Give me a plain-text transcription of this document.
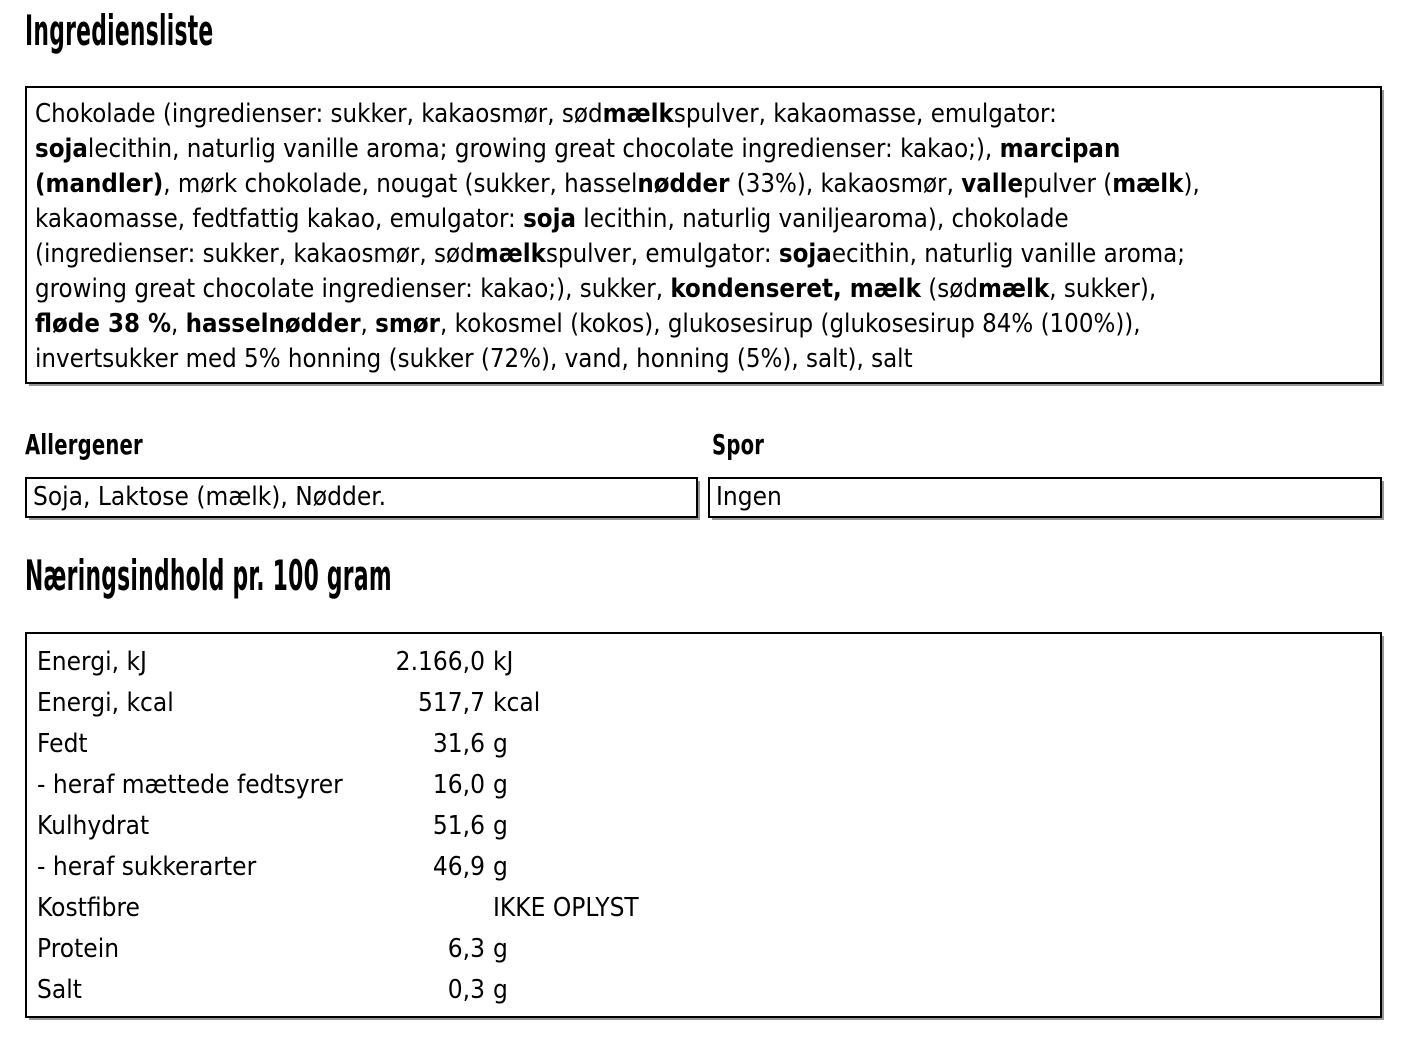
Ingrediensliste
Chokolade (ingredienser: sukker, kakaosmør, sødmælkspulver, kakaomasse, emulgator:
sojalecithin, naturlig vanille aroma; growing great chocolate ingredienser: kakao;), marcipan
(mandler), mørk chokolade, nougat (sukker, hasselnødder (33%), kakaosmør, vallepulver (mælk),
kakaomasse, fedtfattig kakao, emulgator: soja lecithin, naturlig vaniljearoma), chokolade
(ingredienser: sukker, kakaosmør, sødmælkspulver, emulgator: sojaecithin, naturlig vanille aroma;
growing great chocolate ingredienser: kakao;), sukker, kondenseret, mælk (sødmælk, sukker),
fløde 38 %, hasselnødder, smør, kokosmel (kokos), glukosesirup (glukosesirup 84% (100%)),
invertsukker med 5% honning (sukker (72%), vand, honning (5%), salt), salt
Allergener	Spor
Soja, Laktose (mælk), Nødder.	Ingen
Næringsindhold pr. 100 gram
Energi, kJ	2.166,0 kJ
Energi, kcal	517,7 kcal
Fedt	31,6 g
- heraf mættede fedtsyrer	16,0 g
Kulhydrat	51,6 g
- heraf sukkerarter	46,9 g
Kostfibre	IKKE OPLYST
Protein	6,3 g
Salt	0,3 g
